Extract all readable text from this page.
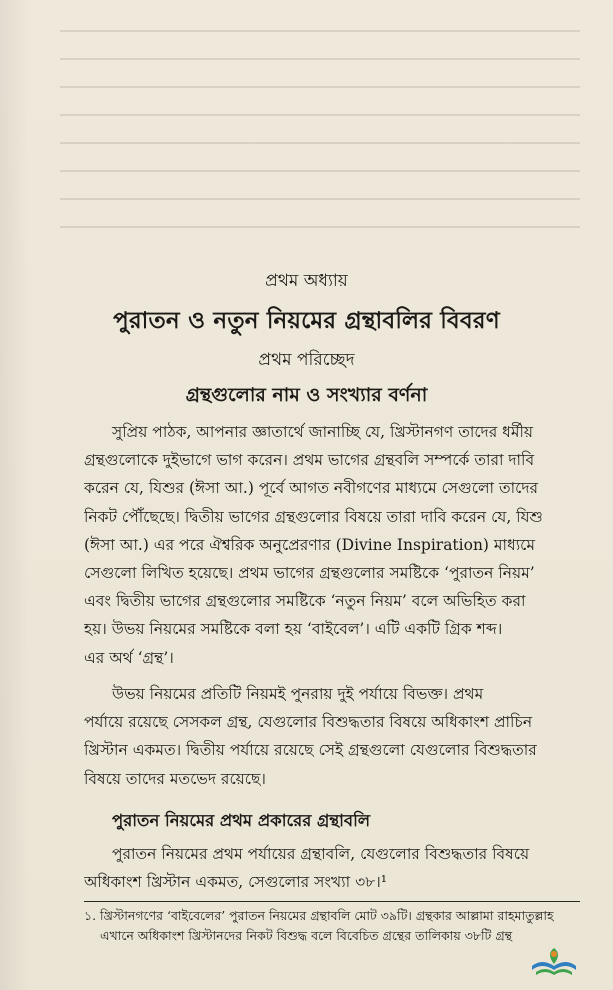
প্রথম অধ্যায়
পুরাতন ও নতুন নিয়মের গ্রন্থাবলির বিবরণ
প্রথম পরিচ্ছেদ
গ্রন্থগুলোর নাম ও সংখ্যার বর্ণনা

সুপ্রিয় পাঠক, আপনার জ্ঞাতার্থে জানাচ্ছি যে, খ্রিস্টানগণ তাদের ধর্মীয়
গ্রন্থগুলোকে দুইভাগে ভাগ করেন। প্রথম ভাগের গ্রন্থবলি সম্পর্কে তারা দাবি
করেন যে, যিশুর (ঈসা আ.) পূর্বে আগত নবীগণের মাধ্যমে সেগুলো তাদের
নিকট পৌঁছেছে। দ্বিতীয় ভাগের গ্রন্থগুলোর বিষয়ে তারা দাবি করেন যে, যিশু
(ঈসা আ.) এর পরে ঐশ্বরিক অনুপ্রেরণার (Divine Inspiration) মাধ্যমে
সেগুলো লিখিত হয়েছে। প্রথম ভাগের গ্রন্থগুলোর সমষ্টিকে ‘পুরাতন নিয়ম’
এবং দ্বিতীয় ভাগের গ্রন্থগুলোর সমষ্টিকে ‘নতুন নিয়ম’ বলে অভিহিত করা
হয়। উভয় নিয়মের সমষ্টিকে বলা হয় ‘বাইবেল’। এটি একটি গ্রিক শব্দ।
এর অর্থ ‘গ্রন্থ’।

উভয় নিয়মের প্রতিটি নিয়মই পুনরায় দুই পর্যায়ে বিভক্ত। প্রথম
পর্যায়ে রয়েছে সেসকল গ্রন্থ, যেগুলোর বিশুদ্ধতার বিষয়ে অধিকাংশ প্রাচিন
খ্রিস্টান একমত। দ্বিতীয় পর্যায়ে রয়েছে সেই গ্রন্থগুলো যেগুলোর বিশুদ্ধতার
বিষয়ে তাদের মতভেদ রয়েছে।

পুরাতন নিয়মের প্রথম প্রকারের গ্রন্থাবলি

পুরাতন নিয়মের প্রথম পর্যায়ের গ্রন্থাবলি, যেগুলোর বিশুদ্ধতার বিষয়ে
অধিকাংশ খ্রিস্টান একমত, সেগুলোর সংখ্যা ৩৮।¹

১. খ্রিস্টানগণের ‘বাইবেলের’ পুরাতন নিয়মের গ্রন্থাবলি মোট ৩৯টি। গ্রন্থকার আল্লামা রাহমাতুল্লাহ
এখানে অধিকাংশ খ্রিস্টানদের নিকট বিশুদ্ধ বলে বিবেচিত গ্রন্থের তালিকায় ৩৮টি গ্রন্থ
